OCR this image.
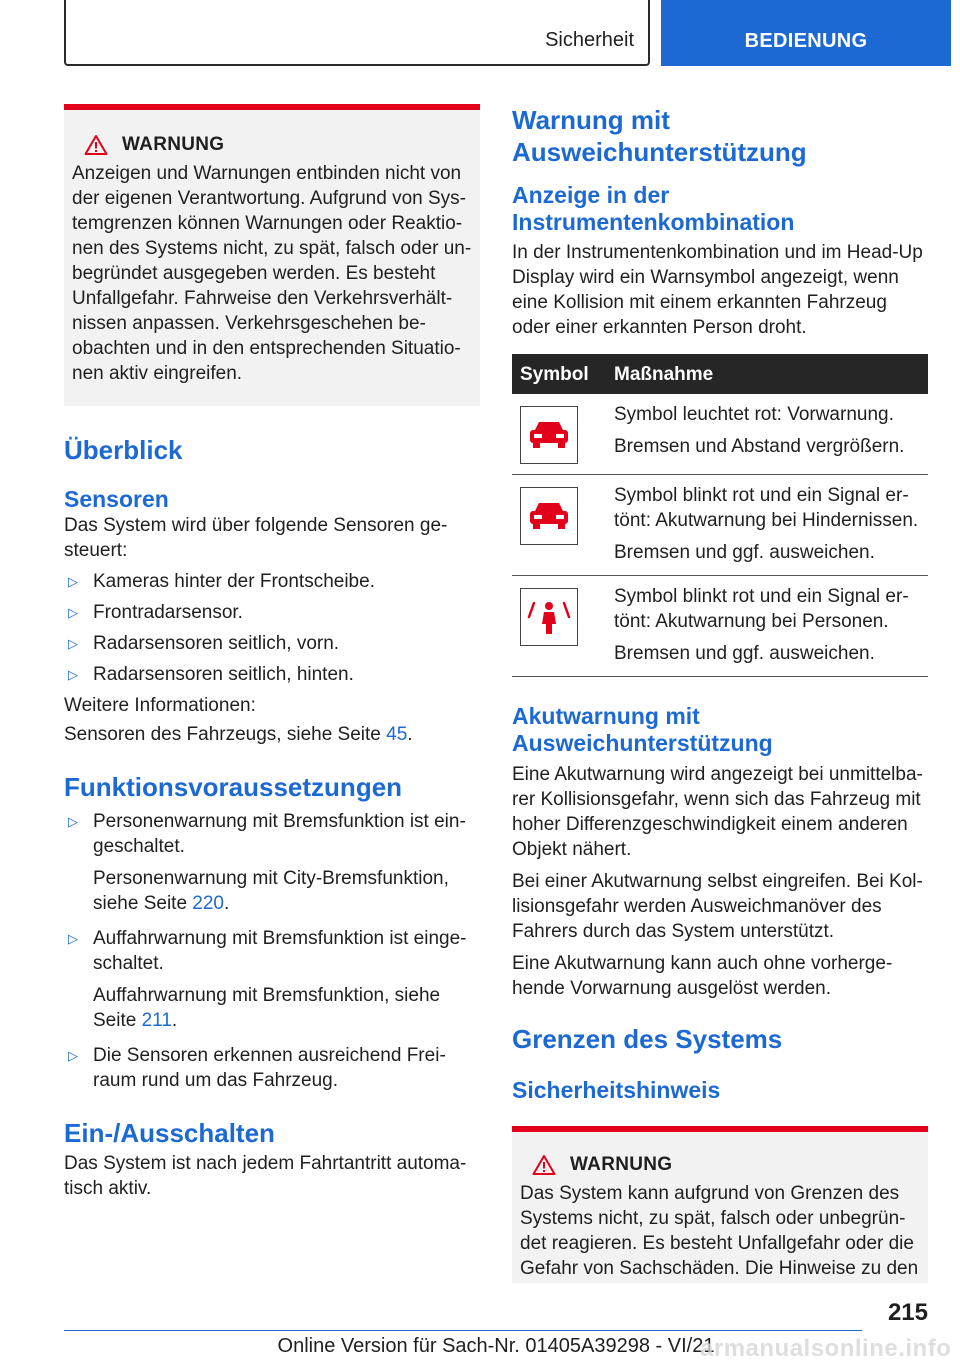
Sicherheit	BEDIENUNG
WARNUNG
Anzeigen und Warnungen entbinden nicht von der eigenen Verantwortung. Aufgrund von Systemgrenzen können Warnungen oder Reaktionen des Systems nicht, zu spät, falsch oder unbegründet ausgegeben werden. Es besteht Unfallgefahr. Fahrweise den Verkehrsverhältnissen anpassen. Verkehrsgeschehen beobachten und in den entsprechenden Situationen aktiv eingreifen.
Überblick
Sensoren
Das System wird über folgende Sensoren gesteuert:
▷ Kameras hinter der Frontscheibe.
▷ Frontradarsensor.
▷ Radarsensoren seitlich, vorn.
▷ Radarsensoren seitlich, hinten.
Weitere Informationen:
Sensoren des Fahrzeugs, siehe Seite 45.
Funktionsvoraussetzungen
▷ Personenwarnung mit Bremsfunktion ist eingeschaltet.
Personenwarnung mit City-Bremsfunktion, siehe Seite 220.
▷ Auffahrwarnung mit Bremsfunktion ist eingeschaltet.
Auffahrwarnung mit Bremsfunktion, siehe Seite 211.
▷ Die Sensoren erkennen ausreichend Freiraum rund um das Fahrzeug.
Ein-/Ausschalten
Das System ist nach jedem Fahrtantritt automatisch aktiv.
Warnung mit Ausweichunterstützung
Anzeige in der Instrumentenkombination
In der Instrumentenkombination und im Head-Up Display wird ein Warnsymbol angezeigt, wenn eine Kollision mit einem erkannten Fahrzeug oder einer erkannten Person droht.
Symbol	Maßnahme

Symbol leuchtet rot: Vorwarnung.
Bremsen und Abstand vergrößern.

Symbol blinkt rot und ein Signal ertönt: Akutwarnung bei Hindernissen.
Bremsen und ggf. ausweichen.

Symbol blinkt rot und ein Signal ertönt: Akutwarnung bei Personen.
Bremsen und ggf. ausweichen.
Akutwarnung mit Ausweichunterstützung
Eine Akutwarnung wird angezeigt bei unmittelbarer Kollisionsgefahr, wenn sich das Fahrzeug mit hoher Differenzgeschwindigkeit einem anderen Objekt nähert.
Bei einer Akutwarnung selbst eingreifen. Bei Kollisionsgefahr werden Ausweichmanöver des Fahrers durch das System unterstützt.
Eine Akutwarnung kann auch ohne vorhergehende Vorwarnung ausgelöst werden.
Grenzen des Systems
Sicherheitshinweis
WARNUNG
Das System kann aufgrund von Grenzen des Systems nicht, zu spät, falsch oder unbegründet reagieren. Es besteht Unfallgefahr oder die Gefahr von Sachschäden. Die Hinweise zu den
215
Online Version für Sach-Nr. 01405A39298 - VI/21
armanualsonline.info
